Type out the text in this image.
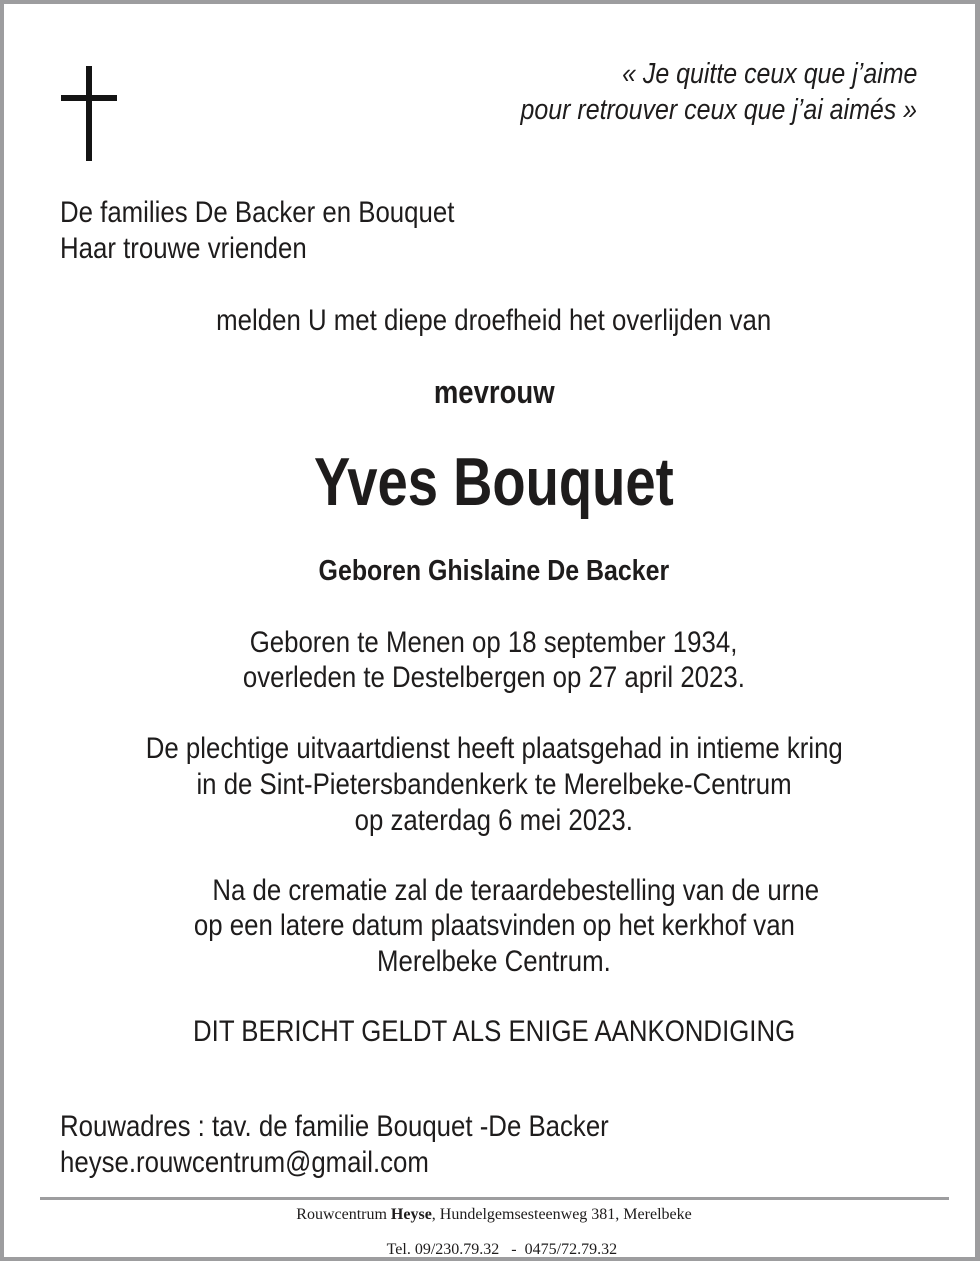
« Je quitte ceux que j’aime
pour retrouver ceux que j’ai aimés »
De families De Backer en Bouquet
Haar trouwe vrienden
melden U met diepe droefheid het overlijden van
mevrouw
Yves Bouquet
Geboren Ghislaine De Backer
Geboren te Menen op 18 september 1934,
overleden te Destelbergen op 27 april 2023.
De plechtige uitvaartdienst heeft plaatsgehad in intieme kring
in de Sint-Pietersbandenkerk te Merelbeke-Centrum
op zaterdag 6 mei 2023.
Na de crematie zal de teraardebestelling van de urne
op een latere datum plaatsvinden op het kerkhof van
Merelbeke Centrum.
DIT BERICHT GELDT ALS ENIGE AANKONDIGING
Rouwadres : tav. de familie Bouquet -De Backer
heyse.rouwcentrum@gmail.com
Rouwcentrum Heyse, Hundelgemsesteenweg 381, Merelbeke

Tel. 09/230.79.32   -  0475/72.79.32
